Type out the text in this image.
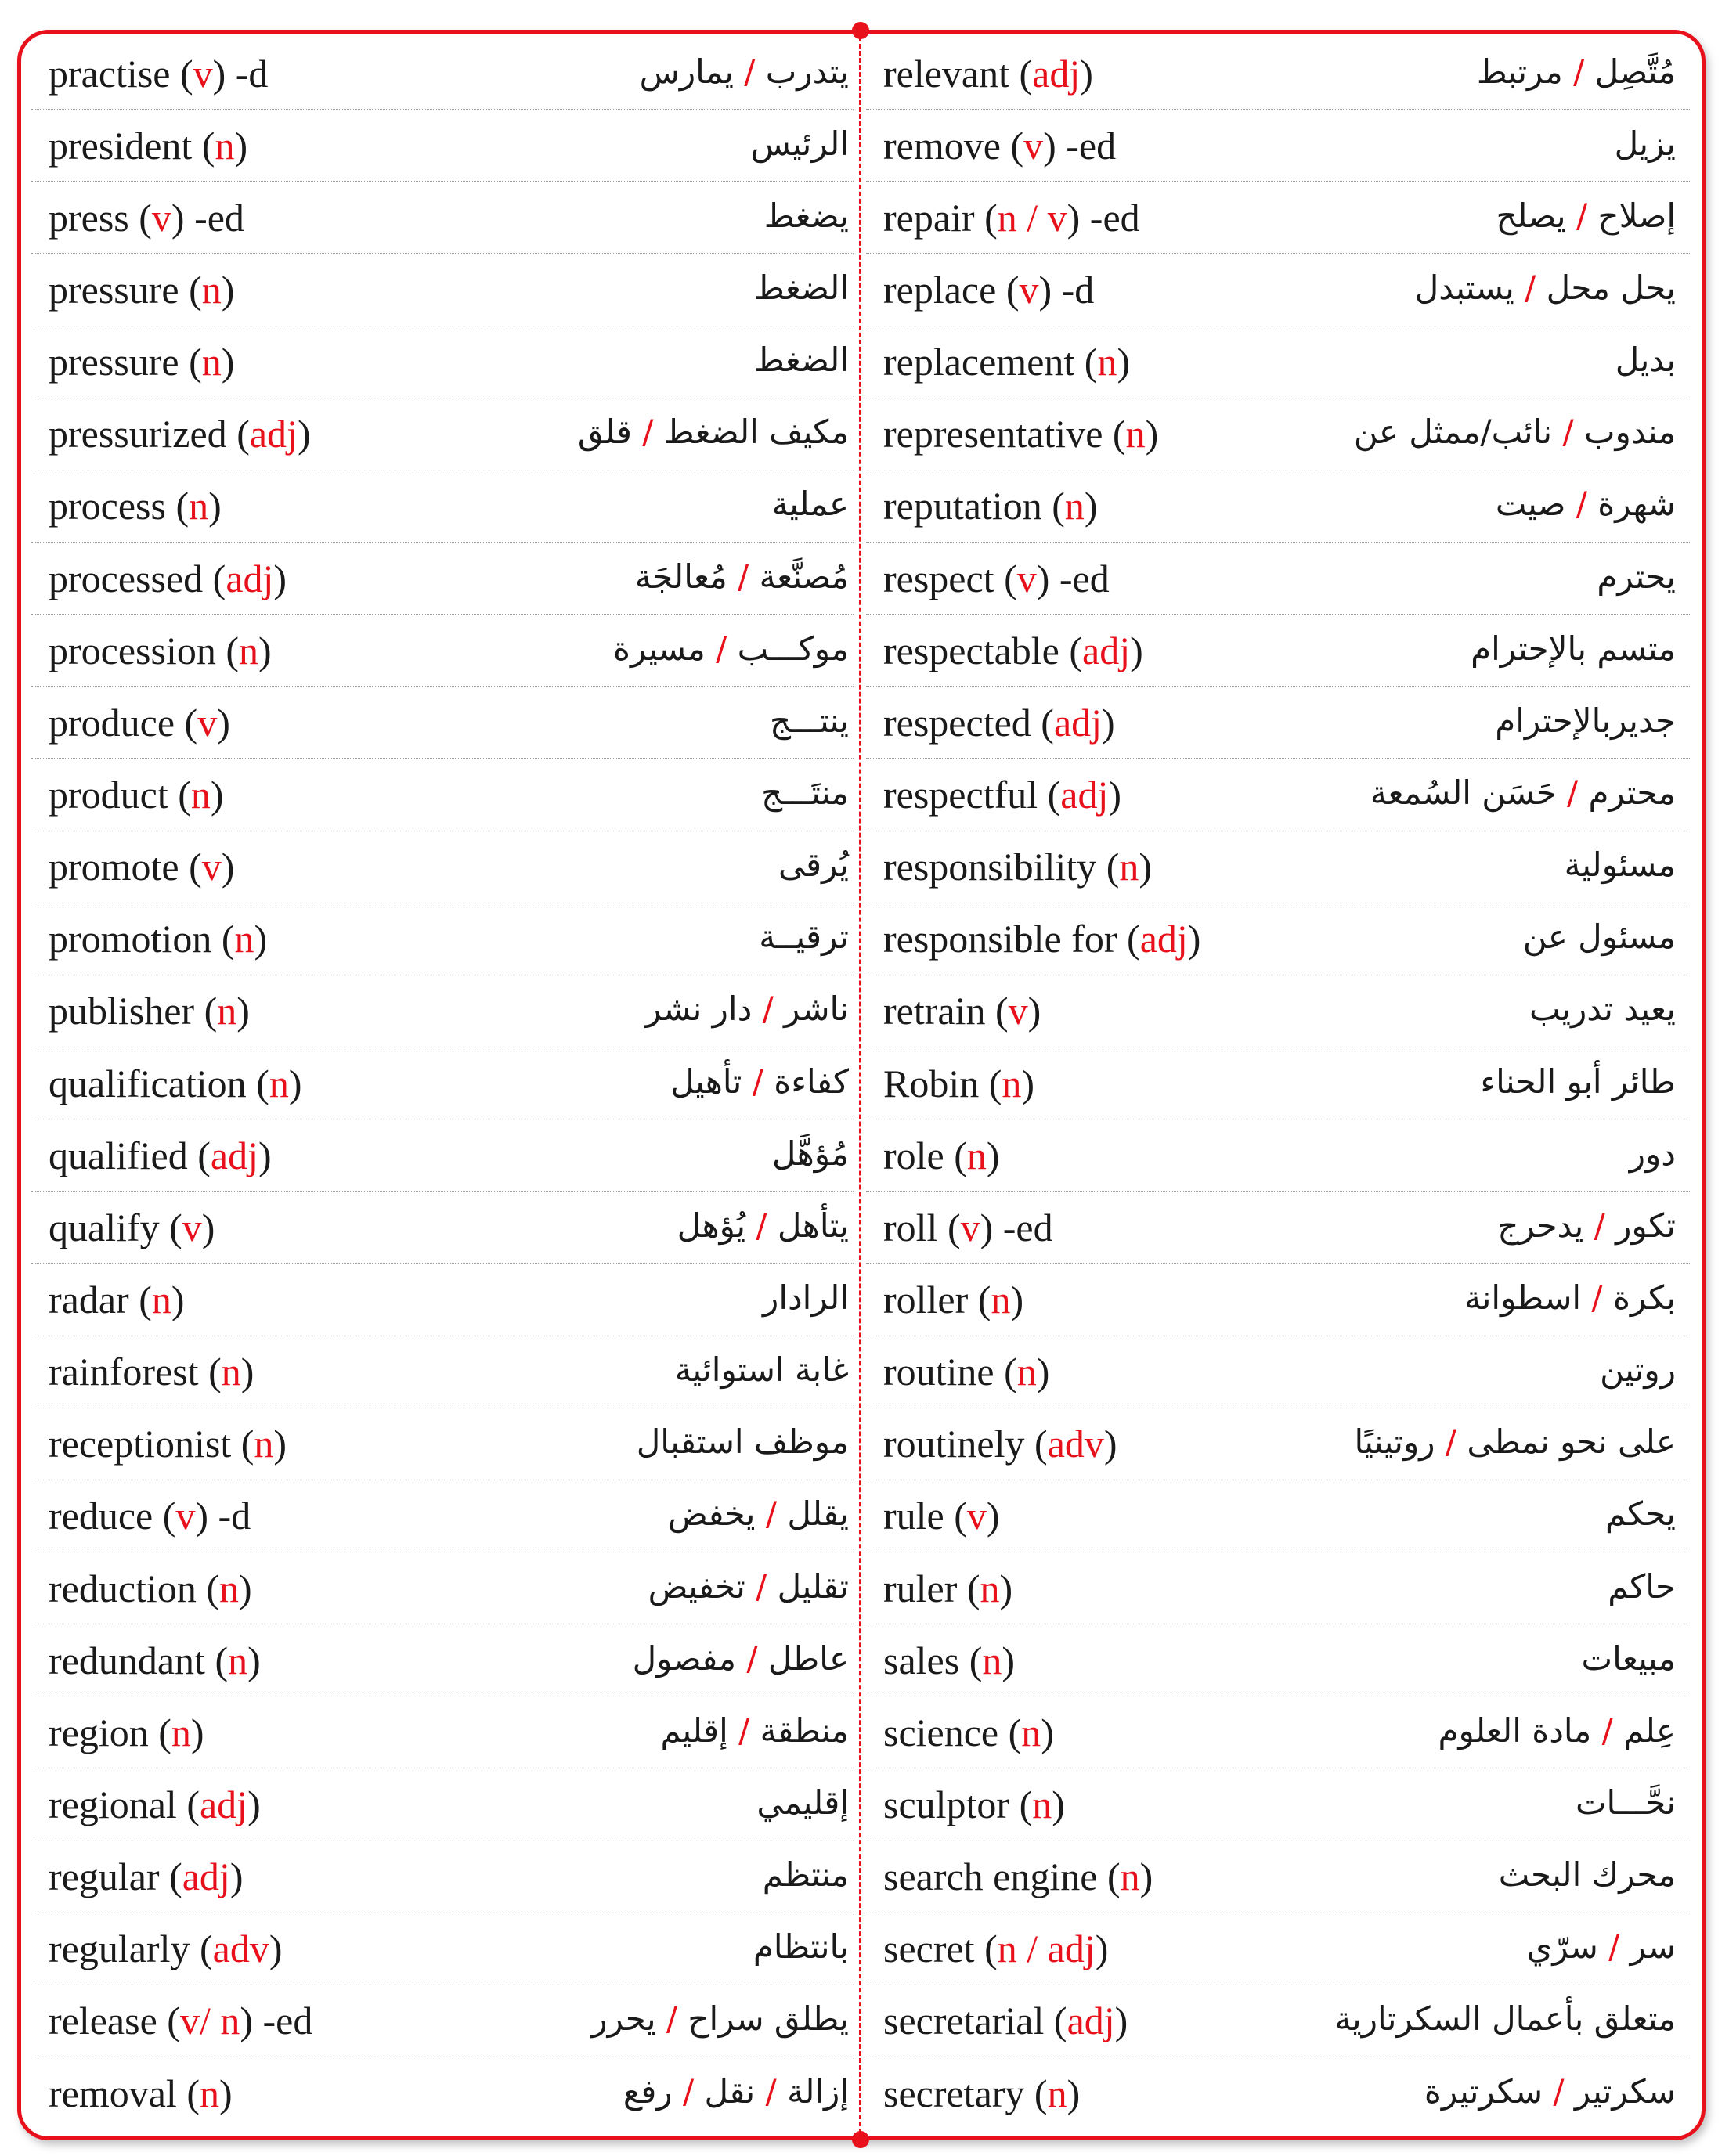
practise (v) -d	يتدرب / يمارس
president (n)	الرئيس
press (v) -ed	يضغط
pressure (n)	الضغط
pressure (n)	الضغط
pressurized (adj)	مكيف الضغط / قلق
process (n)	عملية
processed (adj)	مُصنَّعة / مُعالجَة
procession (n)	موكـــب / مسيرة
produce (v)	ينتـــج
product (n)	منتَـــج
promote (v)	يُرقى
promotion (n)	ترقيــة
publisher (n)	ناشر / دار نشر
qualification (n)	كفاءة / تأهيل
qualified (adj)	مُؤهَّل
qualify (v)	يتأهل / يُؤهل
radar (n)	الرادار
rainforest (n)	غابة استوائية
receptionist (n)	موظف استقبال
reduce (v) -d	يقلل / يخفض
reduction (n)	تقليل / تخفيض
redundant (n)	عاطل / مفصول
region (n)	منطقة / إقليم
regional (adj)	إقليمي
regular (adj)	منتظم
regularly (adv)	بانتظام
release (v/ n) -ed	يطلق سراح / يحرر
removal (n)	إزالة / نقل / رفع
relevant (adj)	مُتَّصِل / مرتبط
remove (v) -ed	يزيل
repair (n / v) -ed	إصلاح / يصلح
replace (v) -d	يحل محل / يستبدل
replacement (n)	بديل
representative (n)	مندوب / نائب/ممثل عن
reputation (n)	شهرة / صيت
respect (v) -ed	يحترم
respectable (adj)	متسم بالإحترام
respected (adj)	جديربالإحترام
respectful (adj)	محترم / حَسَن السُمعة
responsibility (n)	مسئولية
responsible for (adj)	مسئول عن
retrain (v)	يعيد تدريب
Robin (n)	طائر أبو الحناء
role (n)	دور
roll (v) -ed	تكور / يدحرج
roller (n)	بكرة / اسطوانة
routine (n)	روتين
routinely (adv)	على نحو نمطى / روتينيًا
rule (v)	يحكم
ruler (n)	حاكم
sales (n)	مبيعات
science (n)	عِلم / مادة العلوم
sculptor (n)	نحَّـــات
search engine (n)	محرك البحث
secret (n / adj)	سر / سرّي
secretarial (adj)	متعلق بأعمال السكرتارية
secretary (n)	سكرتير / سكرتيرة
